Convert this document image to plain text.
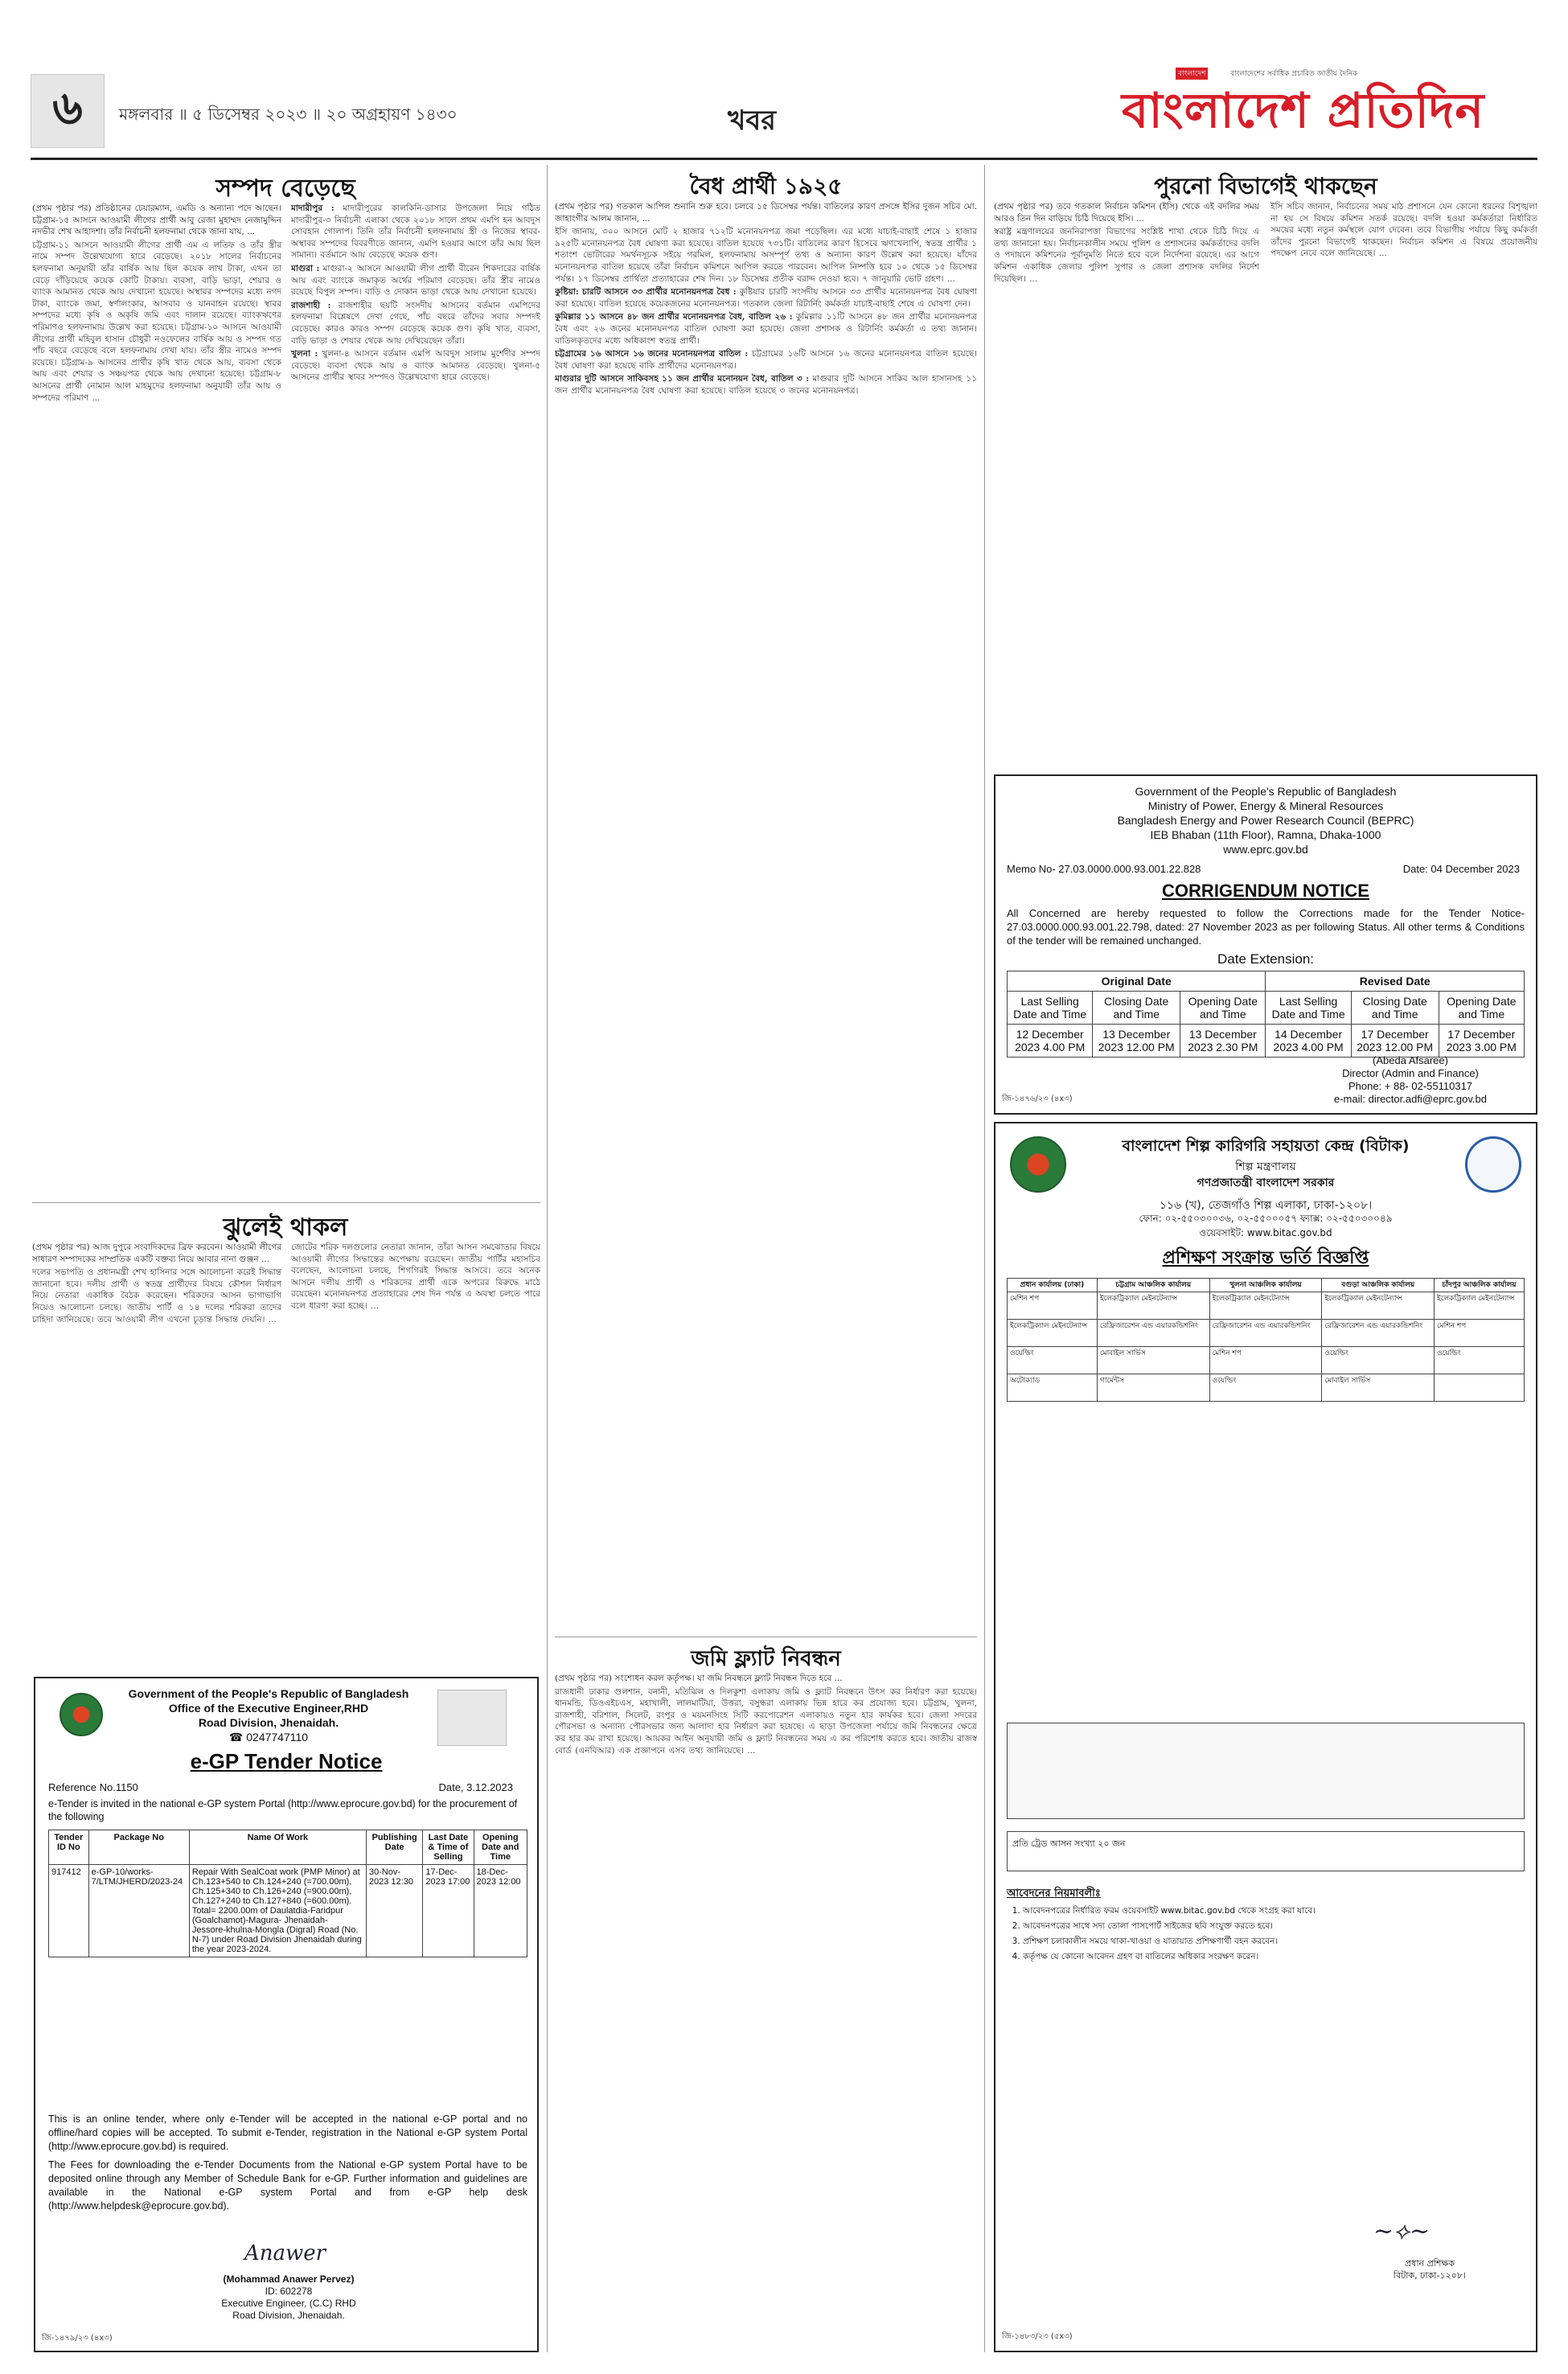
৬	মঙ্গলবার ॥ ৫ ডিসেম্বর ২০২৩ ॥ ২০ অগ্রহায়ণ ১৪৩০	খবর
বাংলাদেশ	বাংলাদেশের সর্বাধিক প্রচারিত জাতীয় দৈনিক
বাংলাদেশ প্রতিদিন
সম্পদ বেড়েছে

(প্রথম পৃষ্ঠার পর) প্রতিষ্ঠানের চেয়ারম্যান, এমডি ও অন্যান্য পদে আছেন। চট্টগ্রাম-১৫ আসনে আওয়ামী লীগের প্রার্থী আবু রেজা মুহাম্মদ নেজামুদ্দিন নদভীর শেখ আহাদশা। তাঁর নির্বাচনী হলফনামা থেকে জানা যায়, ...

চট্টগ্রাম-১১ আসনে আওয়ামী লীগের প্রার্থী এম এ লতিফ ও তাঁর স্ত্রীর নামে সম্পদ উল্লেখযোগ্য হারে বেড়েছে। ২০১৮ সালের নির্বাচনের হলফনামা অনুযায়ী তাঁর বার্ষিক আয় ছিল কয়েক লাখ টাকা, এখন তা বেড়ে দাঁড়িয়েছে কয়েক কোটি টাকায়। ব্যবসা, বাড়ি ভাড়া, শেয়ার ও ব্যাংক আমানত থেকে আয় দেখানো হয়েছে। অস্থাবর সম্পদের মধ্যে নগদ টাকা, ব্যাংকে জমা, স্বর্ণালংকার, আসবাব ও যানবাহন রয়েছে। স্থাবর সম্পদের মধ্যে কৃষি ও অকৃষি জমি এবং দালান রয়েছে। ব্যাংকঋণের পরিমাণও হলফনামায় উল্লেখ করা হয়েছে। চট্টগ্রাম-১০ আসনে আওয়ামী লীগের প্রার্থী মহিবুল হাসান চৌধুরী নওফেলের বার্ষিক আয় ও সম্পদ গত পাঁচ বছরে বেড়েছে বলে হলফনামায় দেখা যায়। তাঁর স্ত্রীর নামেও সম্পদ রয়েছে। চট্টগ্রাম-৯ আসনের প্রার্থীর কৃষি খাত থেকে আয়, ব্যবসা থেকে আয় এবং শেয়ার ও সঞ্চয়পত্র থেকে আয় দেখানো হয়েছে। চট্টগ্রাম-৮ আসনের প্রার্থী নোমান আল মাহমুদের হলফনামা অনুযায়ী তাঁর আয় ও সম্পদের পরিমাণ ...

মাদারীপুর : মাদারীপুরের কালকিনি-ডাসার উপজেলা নিয়ে গঠিত মাদারীপুর-৩ নির্বাচনী এলাকা থেকে ২০১৮ সালে প্রথম এমপি হন আবদুস সোবহান গোলাপ। তিনি তাঁর নির্বাচনী হলফনামায় স্ত্রী ও নিজের স্থাবর-অস্থাবর সম্পদের বিবরণীতে জানান, এমপি হওয়ার আগে তাঁর আয় ছিল সামান্য। বর্তমানে আয় বেড়েছে কয়েক গুণ।

মাগুরা : মাগুরা-২ আসনে আওয়ামী লীগ প্রার্থী বীরেন শিকদারের বার্ষিক আয় এবং ব্যাংকে জমাকৃত অর্থের পরিমাণ বেড়েছে। তাঁর স্ত্রীর নামেও রয়েছে বিপুল সম্পদ। বাড়ি ও দোকান ভাড়া থেকে আয় দেখানো হয়েছে।

রাজশাহী : রাজশাহীর ছয়টি সংসদীয় আসনের বর্তমান এমপিদের হলফনামা বিশ্লেষণে দেখা গেছে, পাঁচ বছরে তাঁদের সবার সম্পদই বেড়েছে। কারও কারও সম্পদ বেড়েছে কয়েক গুণ। কৃষি খাত, ব্যবসা, বাড়ি ভাড়া ও শেয়ার থেকে আয় দেখিয়েছেন তাঁরা।

খুলনা : খুলনা-৪ আসনে বর্তমান এমপি আবদুস সালাম মুর্শেদীর সম্পদ বেড়েছে। ব্যবসা থেকে আয় ও ব্যাংক আমানত বেড়েছে। খুলনা-৫ আসনের প্রার্থীর স্থাবর সম্পদও উল্লেখযোগ্য হারে বেড়েছে।

ঝুলেই থাকল

(প্রথম পৃষ্ঠার পর) আজ দুপুরে সংবাদিকদের ব্রিফ করবেন। আওয়ামী লীগের সাধারণ সম্পাদকের সাম্প্রতিক একটি বক্তব্য নিয়ে আবার নানা গুঞ্জন ...

দলের সভাপতি ও প্রধানমন্ত্রী শেখ হাসিনার সঙ্গে আলোচনা করেই সিদ্ধান্ত জানানো হবে। দলীয় প্রার্থী ও স্বতন্ত্র প্রার্থীদের বিষয়ে কৌশল নির্ধারণ নিয়ে নেতারা একাধিক বৈঠক করেছেন। শরিকদের আসন ভাগাভাগি নিয়েও আলোচনা চলছে। জাতীয় পার্টি ও ১৪ দলের শরিকরা তাদের চাহিদা জানিয়েছে। তবে আওয়ামী লীগ এখনো চূড়ান্ত সিদ্ধান্ত দেয়নি। ...

জোটের শরিক দলগুলোর নেতারা জানান, তাঁরা আসন সমঝোতার বিষয়ে আওয়ামী লীগের সিদ্ধান্তের অপেক্ষায় রয়েছেন। জাতীয় পার্টির মহাসচিব বলেছেন, আলোচনা চলছে, শিগগিরই সিদ্ধান্ত আসবে। তবে অনেক আসনে দলীয় প্রার্থী ও শরিকদের প্রার্থী একে অপরের বিরুদ্ধে মাঠে রয়েছেন। মনোনয়নপত্র প্রত্যাহারের শেষ দিন পর্যন্ত এ অবস্থা চলতে পারে বলে ধারণা করা হচ্ছে। ...

Government of the People's Republic of Bangladesh
Office of the Executive Engineer,RHD
Road Division, Jhenaidah.
☎ 0247747110
e-GP Tender Notice
Reference No.1150	Date, 3.12.2023
e-Tender is invited in the national e-GP system Portal (http://www.eprocure.gov.bd) for the procurement of the following
Tender ID No	Package No	Name Of Work	Publishing Date	Last Date & Time of Selling	Opening Date and Time
917412	e-GP-10/works-7/LTM/JHERD/2023-24	Repair With SealCoat work (PMP Minor) at Ch.123+540 to Ch.124+240 (=700.00m), Ch.125+340 to Ch.126+240 (=900.00m), Ch.127+240 to Ch.127+840 (=600.00m). Total= 2200.00m of Daulatdia-Faridpur (Goalchamot)-Magura- Jhenaidah- Jessore-khulna-Mongla (Digral) Road (No. N-7) under Road Division Jhenaidah during the year 2023-2024.	30-Nov-2023 12:30	17-Dec-2023 17:00	18-Dec-2023 12:00

This is an online tender, where only e-Tender will be accepted in the national e-GP portal and no offline/hard copies will be accepted. To submit e-Tender, registration in the National e-GP system Portal (http://www.eprocure.gov.bd) is required.

The Fees for downloading the e-Tender Documents from the National e-GP system Portal have to be deposited online through any Member of Schedule Bank for e-GP. Further information and guidelines are available in the National e-GP system Portal and from e-GP help desk (http://www.helpdesk@eprocure.gov.bd).

Anawer
(Mohammad Anawer Pervez)
ID: 602278
Executive Engineer, (C.C) RHD
Road Division, Jhenaidah.
জি-১৪৭৯/২৩ (৪x৩)
বৈধ প্রার্থী ১৯২৫

(প্রথম পৃষ্ঠার পর) গতকাল আপিল শুনানি শুরু হবে। চলবে ১৫ ডিসেম্বর পর্যন্ত। বাতিলের কারণ প্রসঙ্গে ইসির দুজন সচিব মো. জাহাংগীর আলম জানান, ...

ইসি জানায়, ৩০০ আসনে মোট ২ হাজার ৭১২টি মনোনয়নপত্র জমা পড়েছিল। এর মধ্যে যাচাই-বাছাই শেষে ১ হাজার ৯২৫টি মনোনয়নপত্র বৈধ ঘোষণা করা হয়েছে। বাতিল হয়েছে ৭৩১টি। বাতিলের কারণ হিসেবে ঋণখেলাপি, স্বতন্ত্র প্রার্থীর ১ শতাংশ ভোটারের সমর্থনসূচক সইয়ে গরমিল, হলফনামায় অসম্পূর্ণ তথ্য ও অন্যান্য কারণ উল্লেখ করা হয়েছে। যাঁদের মনোনয়নপত্র বাতিল হয়েছে তাঁরা নির্বাচন কমিশনে আপিল করতে পারবেন। আপিল নিষ্পত্তি হবে ১০ থেকে ১৫ ডিসেম্বর পর্যন্ত। ১৭ ডিসেম্বর প্রার্থিতা প্রত্যাহারের শেষ দিন। ১৮ ডিসেম্বর প্রতীক বরাদ্দ দেওয়া হবে। ৭ জানুয়ারি ভোট গ্রহণ। ...

কুষ্টিয়া: চারটি আসনে ৩৩ প্রার্থীর মনোনয়নপত্র বৈধ : কুষ্টিয়ার চারটি সংসদীয় আসনে ৩৩ প্রার্থীর মনোনয়নপত্র বৈধ ঘোষণা করা হয়েছে। বাতিল হয়েছে কয়েকজনের মনোনয়নপত্র। গতকাল জেলা রিটার্নিং কর্মকর্তা যাচাই-বাছাই শেষে এ ঘোষণা দেন।

কুমিল্লার ১১ আসনে ৪৮ জন প্রার্থীর মনোনয়নপত্র বৈধ, বাতিল ২৬ : কুমিল্লার ১১টি আসনে ৪৮ জন প্রার্থীর মনোনয়নপত্র বৈধ এবং ২৬ জনের মনোনয়নপত্র বাতিল ঘোষণা করা হয়েছে। জেলা প্রশাসক ও রিটার্নিং কর্মকর্তা এ তথ্য জানান। বাতিলকৃতদের মধ্যে অধিকাংশ স্বতন্ত্র প্রার্থী।

চট্টগ্রামের ১৬ আসনে ১৬ জনের মনোনয়নপত্র বাতিল : চট্টগ্রামের ১৬টি আসনে ১৬ জনের মনোনয়নপত্র বাতিল হয়েছে। বৈধ ঘোষণা করা হয়েছে বাকি প্রার্থীদের মনোনয়নপত্র।

মাগুরার দুটি আসনে সাকিবসহ ১১ জন প্রার্থীর মনোনয়ন বৈধ, বাতিল ৩ : মাগুরার দুটি আসনে সাকিব আল হাসানসহ ১১ জন প্রার্থীর মনোনয়নপত্র বৈধ ঘোষণা করা হয়েছে। বাতিল হয়েছে ৩ জনের মনোনয়নপত্র।

জমি ফ্ল্যাট নিবন্ধন

(প্রথম পৃষ্ঠার পর) সংশোধন করল কর্তৃপক্ষ। যা জমি নিবন্ধনে ফ্ল্যাট নিবন্ধন দিতে হবে ...

রাজধানী ঢাকার গুলশান, বনানী, মতিঝিল ও দিলকুশা এলাকায় জমি ও ফ্ল্যাট নিবন্ধনে উৎস কর নির্ধারণ করা হয়েছে। ধানমন্ডি, ডিওএইচএস, মহাখালী, লালমাটিয়া, উত্তরা, বসুন্ধরা এলাকায় ভিন্ন হারে কর প্রযোজ্য হবে। চট্টগ্রাম, খুলনা, রাজশাহী, বরিশাল, সিলেট, রংপুর ও ময়মনসিংহ সিটি করপোরেশন এলাকায়ও নতুন হার কার্যকর হবে। জেলা সদরের পৌরসভা ও অন্যান্য পৌরসভার জন্য আলাদা হার নির্ধারণ করা হয়েছে। এ ছাড়া উপজেলা পর্যায়ে জমি নিবন্ধনের ক্ষেত্রে কর হার কম রাখা হয়েছে। আয়কর আইন অনুযায়ী জমি ও ফ্ল্যাট নিবন্ধনের সময় এ কর পরিশোধ করতে হবে। জাতীয় রাজস্ব বোর্ড (এনবিআর) এক প্রজ্ঞাপনে এসব তথ্য জানিয়েছে। ...

পুরনো বিভাগেই থাকছেন

(প্রথম পৃষ্ঠার পর) তবে গতকাল নির্বাচন কমিশন (ইসি) থেকে এই বদলির সময় আরও তিন দিন বাড়িয়ে চিঠি দিয়েছে ইসি। ...

স্বরাষ্ট্র মন্ত্রণালয়ের জননিরাপত্তা বিভাগের সংশ্লিষ্ট শাখা থেকে চিঠি দিয়ে এ তথ্য জানানো হয়। নির্বাচনকালীন সময়ে পুলিশ ও প্রশাসনের কর্মকর্তাদের বদলি ও পদায়নে কমিশনের পূর্বানুমতি নিতে হবে বলে নির্দেশনা রয়েছে। এর আগে কমিশন একাধিক জেলার পুলিশ সুপার ও জেলা প্রশাসক বদলির নির্দেশ দিয়েছিল। ...

ইসি সচিব জানান, নির্বাচনের সময় মাঠ প্রশাসনে যেন কোনো ধরনের বিশৃঙ্খলা না হয় সে বিষয়ে কমিশন সতর্ক রয়েছে। বদলি হওয়া কর্মকর্তারা নির্ধারিত সময়ের মধ্যে নতুন কর্মস্থলে যোগ দেবেন। তবে বিভাগীয় পর্যায়ে কিছু কর্মকর্তা তাঁদের পুরনো বিভাগেই থাকছেন। নির্বাচন কমিশন এ বিষয়ে প্রয়োজনীয় পদক্ষেপ নেবে বলে জানিয়েছে। ...

Government of the People's Republic of Bangladesh
Ministry of Power, Energy & Mineral Resources
Bangladesh Energy and Power Research Council (BEPRC)
IEB Bhaban (11th Floor), Ramna, Dhaka-1000
www.eprc.gov.bd
Memo No- 27.03.0000.000.93.001.22.828	Date: 04 December 2023
CORRIGENDUM NOTICE
All Concerned are hereby requested to follow the Corrections made for the Tender Notice- 27.03.0000.000.93.001.22.798, dated: 27 November 2023 as per following Status. All other terms & Conditions of the tender will be remained unchanged.
Date Extension:
Original Date			Revised Date		
Last Selling Date and Time	Closing Date and Time	Opening Date and Time	Last Selling Date and Time	Closing Date and Time	Opening Date and Time
12 December 2023 4.00 PM	13 December 2023 12.00 PM	13 December 2023 2.30 PM	14 December 2023 4.00 PM	17 December 2023 12.00 PM	17 December 2023 3.00 PM
(Abeda Afsaree)
Director (Admin and Finance)
Phone: + 88- 02-55110317
e-mail: director.adfi@eprc.gov.bd
জি-১৪৭৬/২৩ (৪x৩)
বাংলাদেশ শিল্প কারিগরি সহায়তা কেন্দ্র (বিটাক)
শিল্প মন্ত্রণালয়
গণপ্রজাতন্ত্রী বাংলাদেশ সরকার
১১৬ (খ), তেজগাঁও শিল্প এলাকা, ঢাকা-১২০৮।
ফোন: ০২-৫৫০৩০০৩৬, ০২-৫৫০০০৫৭ ফ্যাক্স: ০২-৫৫০৩০০৪৯
ওয়েবসাইট: www.bitac.gov.bd
প্রশিক্ষণ সংক্রান্ত ভর্তি বিজ্ঞপ্তি
প্রধান কার্যালয় (ঢাকা)	চট্টগ্রাম আঞ্চলিক কার্যালয়	খুলনা আঞ্চলিক কার্যালয়	বগুড়া আঞ্চলিক কার্যালয়	চাঁদপুর আঞ্চলিক কার্যালয়
মেশিন শপ	ইলেকট্রিক্যাল মেইনটেন্যান্স	ইলেকট্রিক্যাল মেইনটেন্যান্স	ইলেকট্রিক্যাল মেইনটেন্যান্স	ইলেকট্রিক্যাল মেইনটেন্যান্স
ইলেকট্রিক্যাল মেইনটেন্যান্স	রেফ্রিজারেশন এন্ড এয়ারকন্ডিশনিং	রেফ্রিজারেশন এন্ড এয়ারকন্ডিশনিং	রেফ্রিজারেশন এন্ড এয়ারকন্ডিশনিং	মেশিন শপ
ওয়েল্ডিং	মোবাইল সার্ভিস	মেশিন শপ	ওয়েল্ডিং	ওয়েল্ডিং
অটোক্যাড	গার্মেন্টস	ওয়েল্ডিং	মোবাইল সার্ভিস	
প্রতি ট্রেড আসন সংখ্যা ২০ জন
আবেদনের নিয়মাবলীঃ
1. আবেদনপত্রের নির্ধারিত ফরম ওয়েবসাইট www.bitac.gov.bd থেকে সংগ্রহ করা যাবে।
2. আবেদনপত্রের সাথে সদ্য তোলা পাসপোর্ট সাইজের ছবি সংযুক্ত করতে হবে।
3. প্রশিক্ষণ চলাকালীন সময়ে থাকা-খাওয়া ও যাতায়াত প্রশিক্ষণার্থী বহন করবেন।
4. কর্তৃপক্ষ যে কোনো আবেদন গ্রহণ বা বাতিলের অধিকার সংরক্ষণ করেন।
~⟡~
প্রধান প্রশিক্ষক
বিটাক, ঢাকা-১২০৮।
জি-১৪৮৩/২৩ (৫x৩)
